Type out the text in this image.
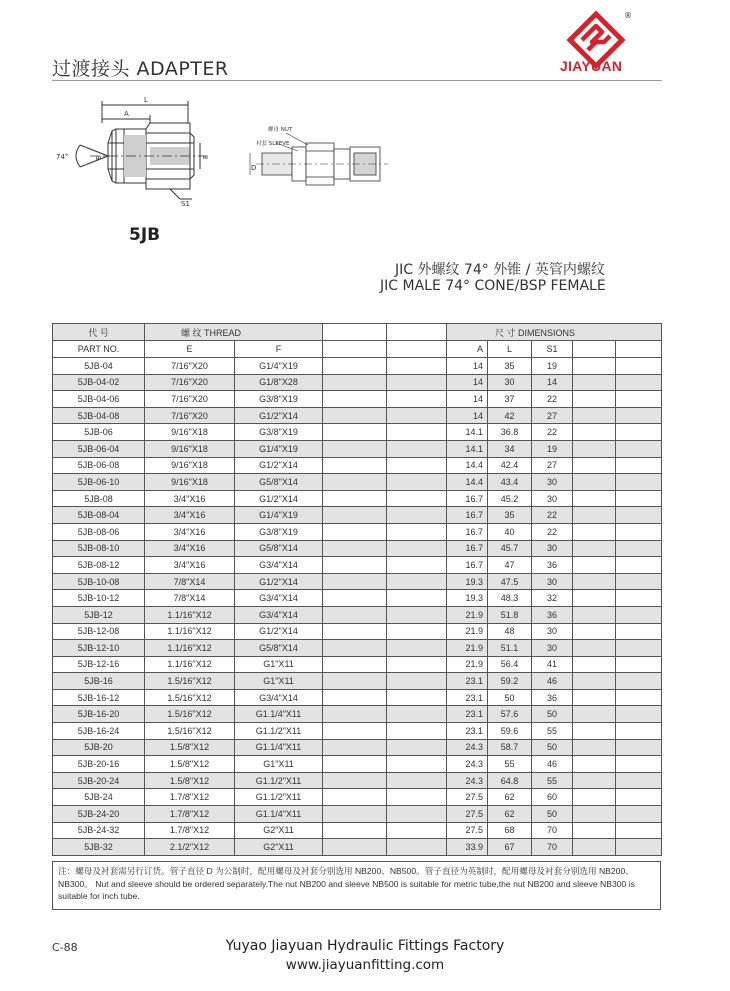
过渡接头 ADAPTER
®
JIAYUAN
L
A
74°	E	F
S1
螺母 NUT
衬套 SLEEVE
D
5JB
JIC 外螺纹 74° 外锥 / 英管内螺纹
JIC MALE 74° CONE/BSP FEMALE
代 号	螺 纹 THREAD				尺 寸 DIMENSIONS				
PART NO.	E	F			A	L	S1		
5JB-04	7/16"X20	G1/4"X19			14	35	19		
5JB-04-02	7/16"X20	G1/8"X28			14	30	14		
5JB-04-06	7/16"X20	G3/8"X19			14	37	22		
5JB-04-08	7/16"X20	G1/2"X14			14	42	27		
5JB-06	9/16"X18	G3/8"X19			14.1	36.8	22		
5JB-06-04	9/16"X18	G1/4"X19			14.1	34	19		
5JB-06-08	9/16"X18	G1/2"X14			14.4	42.4	27		
5JB-06-10	9/16"X18	G5/8"X14			14.4	43.4	30		
5JB-08	3/4"X16	G1/2"X14			16.7	45.2	30		
5JB-08-04	3/4"X16	G1/4"X19			16.7	35	22		
5JB-08-06	3/4"X16	G3/8"X19			16.7	40	22		
5JB-08-10	3/4"X16	G5/8"X14			16.7	45.7	30		
5JB-08-12	3/4"X16	G3/4"X14			16.7	47	36		
5JB-10-08	7/8"X14	G1/2"X14			19.3	47.5	30		
5JB-10-12	7/8"X14	G3/4"X14			19.3	48.3	32		
5JB-12	1.1/16"X12	G3/4"X14			21.9	51.8	36		
5JB-12-08	1.1/16"X12	G1/2"X14			21.9	48	30		
5JB-12-10	1.1/16"X12	G5/8"X14			21.9	51.1	30		
5JB-12-16	1.1/16"X12	G1"X11			21.9	56.4	41		
5JB-16	1.5/16"X12	G1"X11			23.1	59.2	46		
5JB-16-12	1.5/16"X12	G3/4"X14			23.1	50	36		
5JB-16-20	1.5/16"X12	G1.1/4"X11			23.1	57.6	50		
5JB-16-24	1.5/16"X12	G1.1/2"X11			23.1	59.6	55		
5JB-20	1.5/8"X12	G1.1/4"X11			24.3	58.7	50		
5JB-20-16	1.5/8"X12	G1"X11			24.3	55	46		
5JB-20-24	1.5/8"X12	G1.1/2"X11			24.3	64.8	55		
5JB-24	1.7/8"X12	G1.1/2"X11			27.5	62	60		
5JB-24-20	1.7/8"X12	G1.1/4"X11			27.5	62	50		
5JB-24-32	1.7/8"X12	G2"X11			27.5	68	70		
5JB-32	2.1/2"X12	G2"X11			33.9	67	70		
注：螺母及衬套需另行订货。管子直径 D 为公制时，配用螺母及衬套分别选用 NB200、NB500。管子直径为英制时，配用螺母及衬套分别选用 NB200、NB300。 Nut and sleeve should be ordered separately.The nut NB200 and sleeve NB500 is suitable for metric tube,the nut NB200 and sleeve NB300 is suitable for inch tube.
C-88	Yuyao Jiayuan Hydraulic Fittings Factory
www.jiayuanfitting.com
